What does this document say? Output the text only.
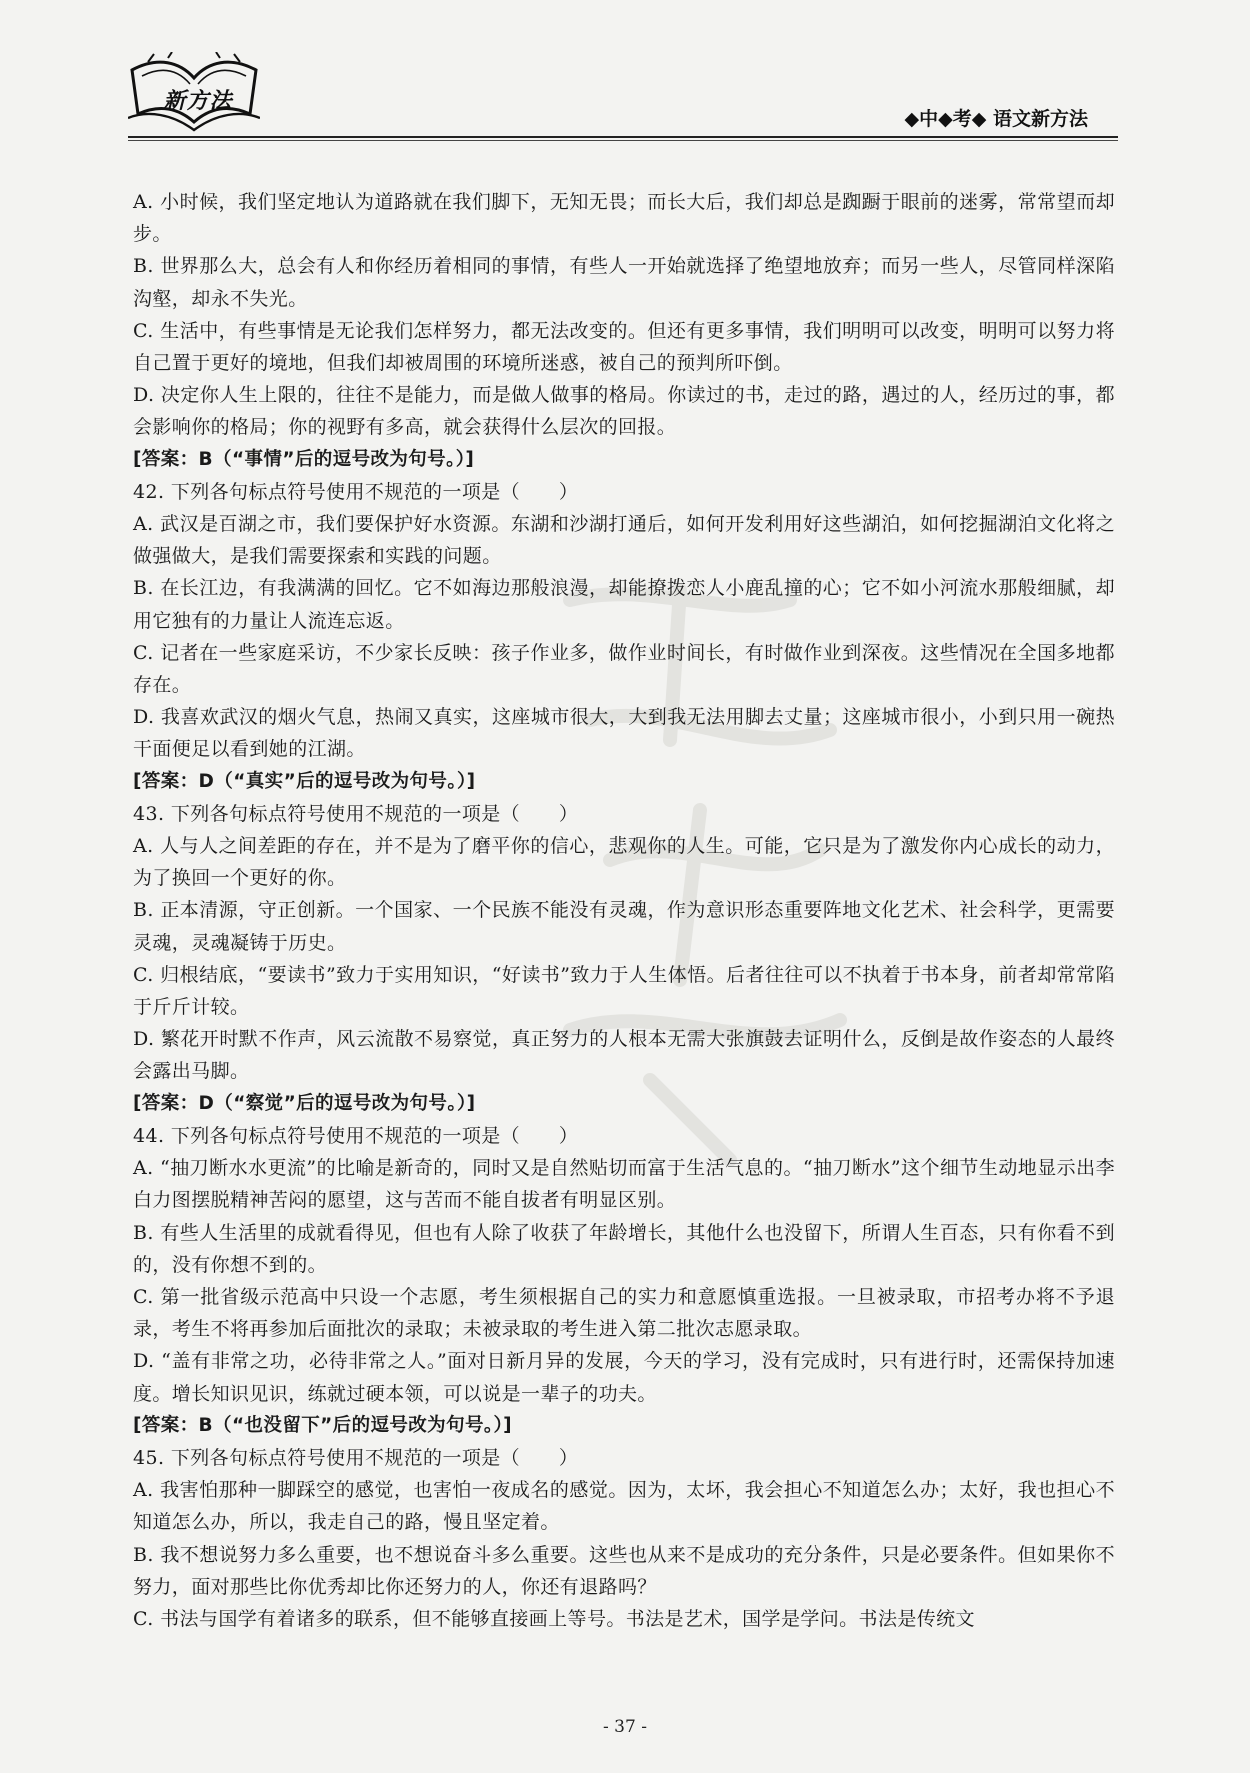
新方法
◆中◆考◆ 语文新方法

A. 小时候，我们坚定地认为道路就在我们脚下，无知无畏；而长大后，我们却总是踟蹰于眼前的迷雾，常常望而却步。

B. 世界那么大，总会有人和你经历着相同的事情，有些人一开始就选择了绝望地放弃；而另一些人，尽管同样深陷沟壑，却永不失光。

C. 生活中，有些事情是无论我们怎样努力，都无法改变的。但还有更多事情，我们明明可以改变，明明可以努力将自己置于更好的境地，但我们却被周围的环境所迷惑，被自己的预判所吓倒。

D. 决定你人生上限的，往往不是能力，而是做人做事的格局。你读过的书，走过的路，遇过的人，经历过的事，都会影响你的格局；你的视野有多高，就会获得什么层次的回报。

[答案：B（“事情”后的逗号改为句号。）]

42. 下列各句标点符号使用不规范的一项是（　　）

A. 武汉是百湖之市，我们要保护好水资源。东湖和沙湖打通后，如何开发利用好这些湖泊，如何挖掘湖泊文化将之做强做大，是我们需要探索和实践的问题。

B. 在长江边，有我满满的回忆。它不如海边那般浪漫，却能撩拨恋人小鹿乱撞的心；它不如小河流水那般细腻，却用它独有的力量让人流连忘返。

C. 记者在一些家庭采访，不少家长反映：孩子作业多，做作业时间长，有时做作业到深夜。这些情况在全国多地都存在。

D. 我喜欢武汉的烟火气息，热闹又真实，这座城市很大，大到我无法用脚去丈量；这座城市很小，小到只用一碗热干面便足以看到她的江湖。

[答案：D（“真实”后的逗号改为句号。）]

43. 下列各句标点符号使用不规范的一项是（　　）

A. 人与人之间差距的存在，并不是为了磨平你的信心，悲观你的人生。可能，它只是为了激发你内心成长的动力，为了换回一个更好的你。

B. 正本清源，守正创新。一个国家、一个民族不能没有灵魂，作为意识形态重要阵地文化艺术、社会科学，更需要灵魂，灵魂凝铸于历史。

C. 归根结底，“要读书”致力于实用知识，“好读书”致力于人生体悟。后者往往可以不执着于书本身，前者却常常陷于斤斤计较。

D. 繁花开时默不作声，风云流散不易察觉，真正努力的人根本无需大张旗鼓去证明什么，反倒是故作姿态的人最终会露出马脚。

[答案：D（“察觉”后的逗号改为句号。）]

44. 下列各句标点符号使用不规范的一项是（　　）

A. “抽刀断水水更流”的比喻是新奇的，同时又是自然贴切而富于生活气息的。“抽刀断水”这个细节生动地显示出李白力图摆脱精神苦闷的愿望，这与苦而不能自拔者有明显区别。

B. 有些人生活里的成就看得见，但也有人除了收获了年龄增长，其他什么也没留下，所谓人生百态，只有你看不到的，没有你想不到的。

C. 第一批省级示范高中只设一个志愿，考生须根据自己的实力和意愿慎重选报。一旦被录取，市招考办将不予退录，考生不将再参加后面批次的录取；未被录取的考生进入第二批次志愿录取。

D. “盖有非常之功，必待非常之人。”面对日新月异的发展，今天的学习，没有完成时，只有进行时，还需保持加速度。增长知识见识，练就过硬本领，可以说是一辈子的功夫。

[答案：B（“也没留下”后的逗号改为句号。）]

45. 下列各句标点符号使用不规范的一项是（　　）

A. 我害怕那种一脚踩空的感觉，也害怕一夜成名的感觉。因为，太坏，我会担心不知道怎么办；太好，我也担心不知道怎么办，所以，我走自己的路，慢且坚定着。

B. 我不想说努力多么重要，也不想说奋斗多么重要。这些也从来不是成功的充分条件，只是必要条件。但如果你不努力，面对那些比你优秀却比你还努力的人，你还有退路吗？

C. 书法与国学有着诸多的联系，但不能够直接画上等号。书法是艺术，国学是学问。书法是传统文

- 37 -
